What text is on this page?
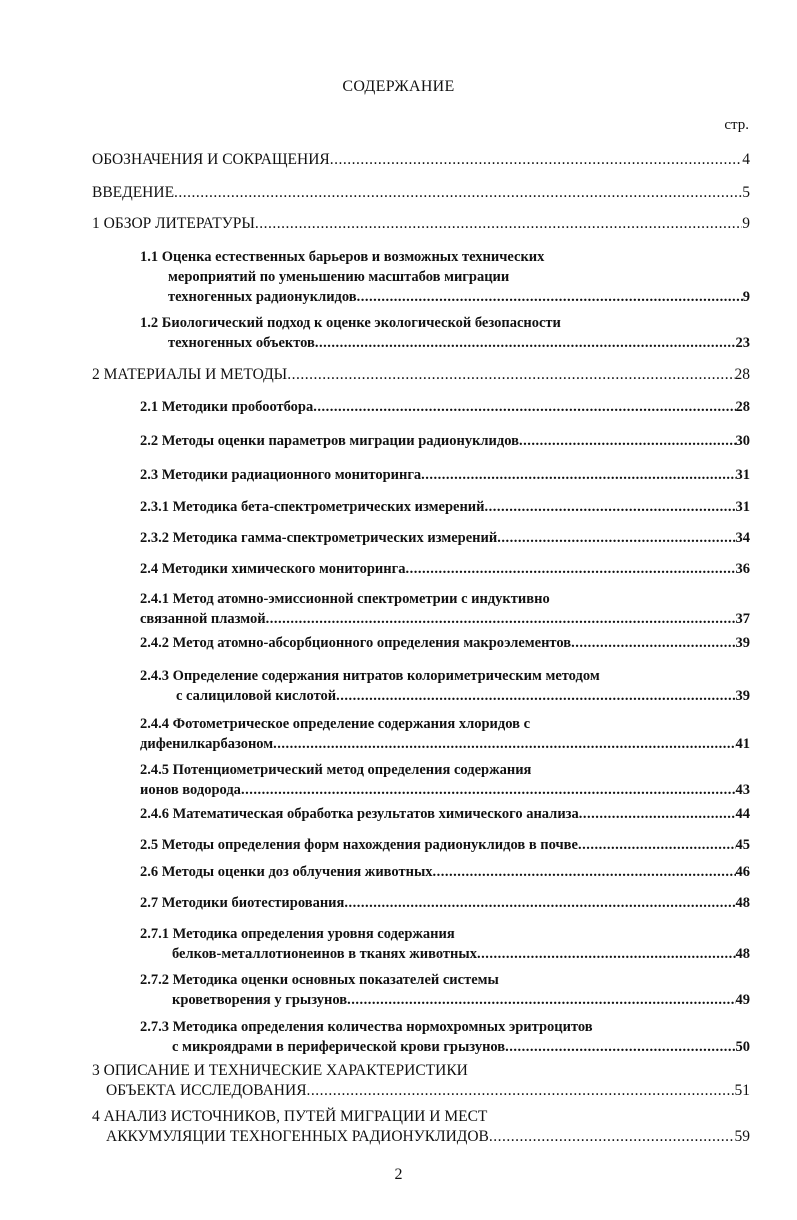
СОДЕРЖАНИЕ
стр.
ОБОЗНАЧЕНИЯ И СОКРАЩЕНИЯ .....	4
ВВЕДЕНИЕ .....	5
1 ОБЗОР ЛИТЕРАТУРЫ .....	9
1.1 Оценка естественных барьеров и возможных технических
мероприятий по уменьшению масштабов миграции
техногенных радионуклидов .....	9
1.2 Биологический подход к оценке экологической безопасности
техногенных объектов .....	23
2 МАТЕРИАЛЫ И МЕТОДЫ .....	28
2.1 Методики пробоотбора .....	28
2.2 Методы оценки параметров миграции радионуклидов .....	30
2.3 Методики радиационного мониторинга .....	31
2.3.1 Методика бета-спектрометрических измерений .....	31
2.3.2 Методика гамма-спектрометрических измерений .....	34
2.4 Методики химического мониторинга .....	36
2.4.1 Метод атомно-эмиссионной спектрометрии с индуктивно
связанной плазмой .....	37
2.4.2 Метод атомно-абсорбционного определения макроэлементов .....	39
2.4.3 Определение содержания нитратов колориметрическим методом
с салициловой кислотой .....	39
2.4.4 Фотометрическое определение содержания хлоридов с
дифенилкарбазоном .....	41
2.4.5 Потенциометрический метод определения содержания
ионов водорода .....	43
2.4.6 Математическая обработка результатов химического анализа .....	44
2.5 Методы определения форм нахождения радионуклидов в почве .....	45
2.6 Методы оценки доз облучения животных .....	46
2.7 Методики биотестирования .....	48
2.7.1 Методика определения уровня содержания
белков-металлотионеинов в тканях животных .....	48
2.7.2 Методика оценки основных показателей системы
кроветворения у грызунов .....	49
2.7.3 Методика определения количества нормохромных эритроцитов
с микроядрами в периферической крови грызунов .....	50
3 ОПИСАНИЕ И ТЕХНИЧЕСКИЕ ХАРАКТЕРИСТИКИ
ОБЪЕКТА ИССЛЕДОВАНИЯ .....	51
4 АНАЛИЗ ИСТОЧНИКОВ, ПУТЕЙ МИГРАЦИИ И МЕСТ
АККУМУЛЯЦИИ ТЕХНОГЕННЫХ РАДИОНУКЛИДОВ .....	59
2
